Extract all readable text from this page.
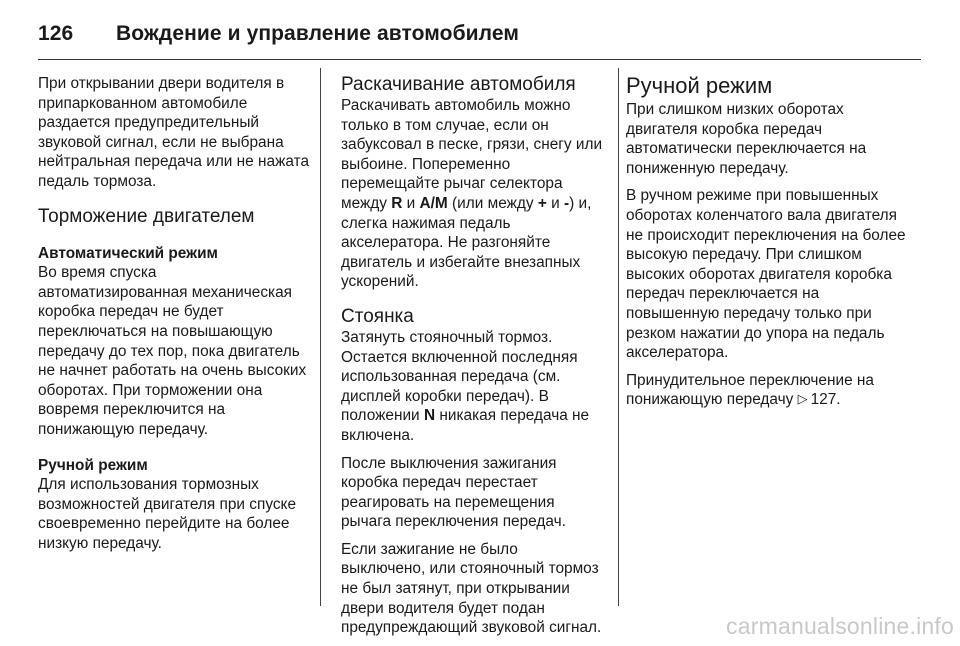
126	Вождение и управление автомобилем

При открывании двери водителя в припаркованном автомобиле раздается предупредительный звуковой сигнал, если не выбрана нейтральная передача или не нажата педаль тормоза.

Торможение двигателем
Автоматический режим

Во время спуска автоматизированная механическая коробка передач не будет переключаться на повышающую передачу до тех пор, пока двигатель не начнет работать на очень высоких оборотах. При торможении она вовремя переключится на понижающую передачу.

Ручной режим

Для использования тормозных возможностей двигателя при спуске своевременно перейдите на более низкую передачу.

Раскачивание автомобиля

Раскачивать автомобиль можно только в том случае, если он забуксовал в песке, грязи, снегу или выбоине. Попеременно перемещайте рычаг селектора между R и A/M (или между + и -) и, слегка нажимая педаль акселератора. Не разгоняйте двигатель и избегайте внезапных ускорений.

Стоянка

Затянуть стояночный тормоз. Остается включенной последняя использованная передача (см. дисплей коробки передач). В положении N никакая передача не включена.

После выключения зажигания коробка передач перестает реагировать на перемещения рычага переключения передач.

Если зажигание не было выключено, или стояночный тормоз не был затянут, при открывании двери водителя будет подан предупреждающий звуковой сигнал.

Ручной режим

При слишком низких оборотах двигателя коробка передач автоматически переключается на пониженную передачу.

В ручном режиме при повышенных оборотах коленчатого вала двигателя не происходит переключения на более высокую передачу. При слишком высоких оборотах двигателя коробка передач переключается на повышенную передачу только при резком нажатии до упора на педаль акселератора.

Принудительное переключение на понижающую передачу ▷ 127.

carmanualsonline.info
